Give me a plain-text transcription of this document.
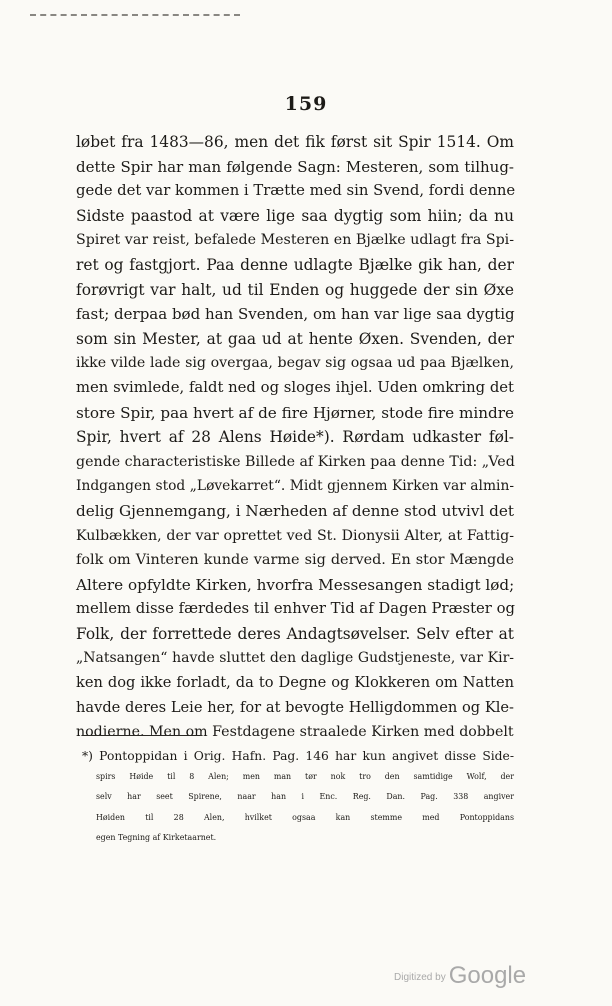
159
løbet fra 1483—86, men det fik først sit Spir 1514. Om
dette Spir har man følgende Sagn: Mesteren, som tilhug-
gede det var kommen i Trætte med sin Svend, fordi denne
Sidste paastod at være lige saa dygtig som hiin; da nu
Spiret var reist, befalede Mesteren en Bjælke udlagt fra Spi-
ret og fastgjort. Paa denne udlagte Bjælke gik han, der
forøvrigt var halt, ud til Enden og huggede der sin Øxe
fast; derpaa bød han Svenden, om han var lige saa dygtig
som sin Mester, at gaa ud at hente Øxen. Svenden, der
ikke vilde lade sig overgaa, begav sig ogsaa ud paa Bjælken,
men svimlede, faldt ned og sloges ihjel. Uden omkring det
store Spir, paa hvert af de fire Hjørner, stode fire mindre
Spir, hvert af 28 Alens Høide*). Rørdam udkaster føl-
gende characteristiske Billede af Kirken paa denne Tid: „Ved
Indgangen stod „Løvekarret“. Midt gjennem Kirken var almin-
delig Gjennemgang, i Nærheden af denne stod utvivl det
Kulbækken, der var oprettet ved St. Dionysii Alter, at Fattig-
folk om Vinteren kunde varme sig derved. En stor Mængde
Altere opfyldte Kirken, hvorfra Messesangen stadigt lød;
mellem disse færdedes til enhver Tid af Dagen Præster og
Folk, der forrettede deres Andagtsøvelser. Selv efter at
„Natsangen“ havde sluttet den daglige Gudstjeneste, var Kir-
ken dog ikke forladt, da to Degne og Klokkeren om Natten
havde deres Leie her, for at bevogte Helligdommen og Kle-
nodierne. Men om Festdagene straalede Kirken med dobbelt
*) Pontoppidan i Orig. Hafn. Pag. 146 har kun angivet disse Side-
spirs Høide til 8 Alen; men man tør nok tro den samtidige Wolf, der
selv har seet Spirene, naar han i Enc. Reg. Dan. Pag. 338 angiver
Høiden til 28 Alen, hvilket ogsaa kan stemme med Pontoppidans
egen Tegning af Kirketaarnet.
Digitized by Google
